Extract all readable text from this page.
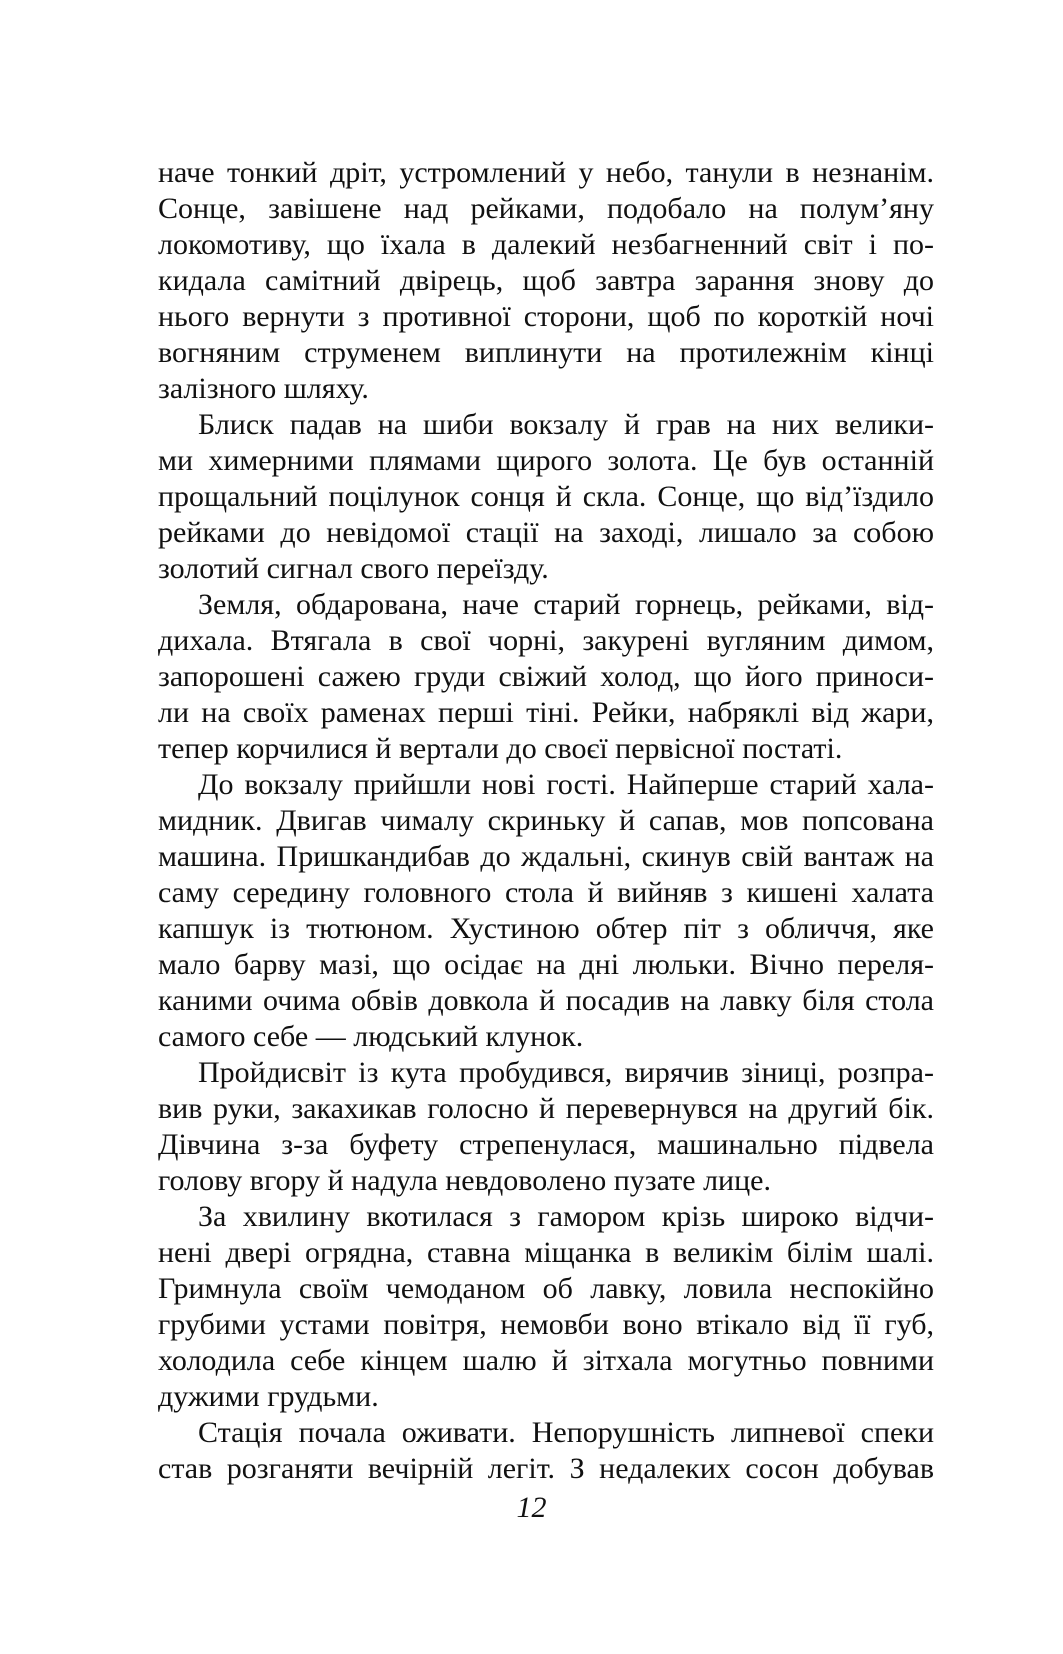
наче тонкий дріт, устромлений у небо, танули в незнанім.
Сонце, завішене над рейками, подобало на полум’яну
локомотиву, що їхала в далекий незбагненний світ і по-
кидала самітний двірець, щоб завтра зарання знову до
нього вернути з противної сторони, щоб по короткій ночі
вогняним струменем виплинути на протилежнім кінці
залізного шляху.
Блиск падав на шиби вокзалу й грав на них велики-
ми химерними плямами щирого золота. Це був останній
прощальний поцілунок сонця й скла. Сонце, що від’їздило
рейками до невідомої стації на заході, лишало за собою
золотий сигнал свого переїзду.
Земля, обдарована, наче старий горнець, рейками, від-
дихала. Втягала в свої чорні, закурені вугляним димом,
запорошені сажею груди свіжий холод, що його приноси-
ли на своїх раменах перші тіні. Рейки, набряклі від жари,
тепер корчилися й вертали до своєї первісної постаті.
До вокзалу прийшли нові гості. Найперше старий хала-
мидник. Двигав чималу скриньку й сапав, мов попсована
машина. Пришкандибав до ждальні, скинув свій вантаж на
саму середину головного стола й вийняв з кишені халата
капшук із тютюном. Хустиною обтер піт з обличчя, яке
мало барву мазі, що осідає на дні люльки. Вічно переля-
каними очима обвів довкола й посадив на лавку біля стола
самого себе — людський клунок.
Пройдисвіт із кута пробудився, вирячив зіниці, розпра-
вив руки, закахикав голосно й перевернувся на другий бік.
Дівчина з-за буфету стрепенулася, машинально підвела
голову вгору й надула невдоволено пузате лице.
За хвилину вкотилася з гамором крізь широко відчи-
нені двері огрядна, ставна міщанка в великім білім шалі.
Гримнула своїм чемоданом об лавку, ловила неспокійно
грубими устами повітря, немовби воно втікало від її губ,
холодила себе кінцем шалю й зітхала могутньо повними
дужими грудьми.
Стація почала оживати. Непорушність липневої спеки
став розганяти вечірній легіт. З недалеких сосон добував
12
